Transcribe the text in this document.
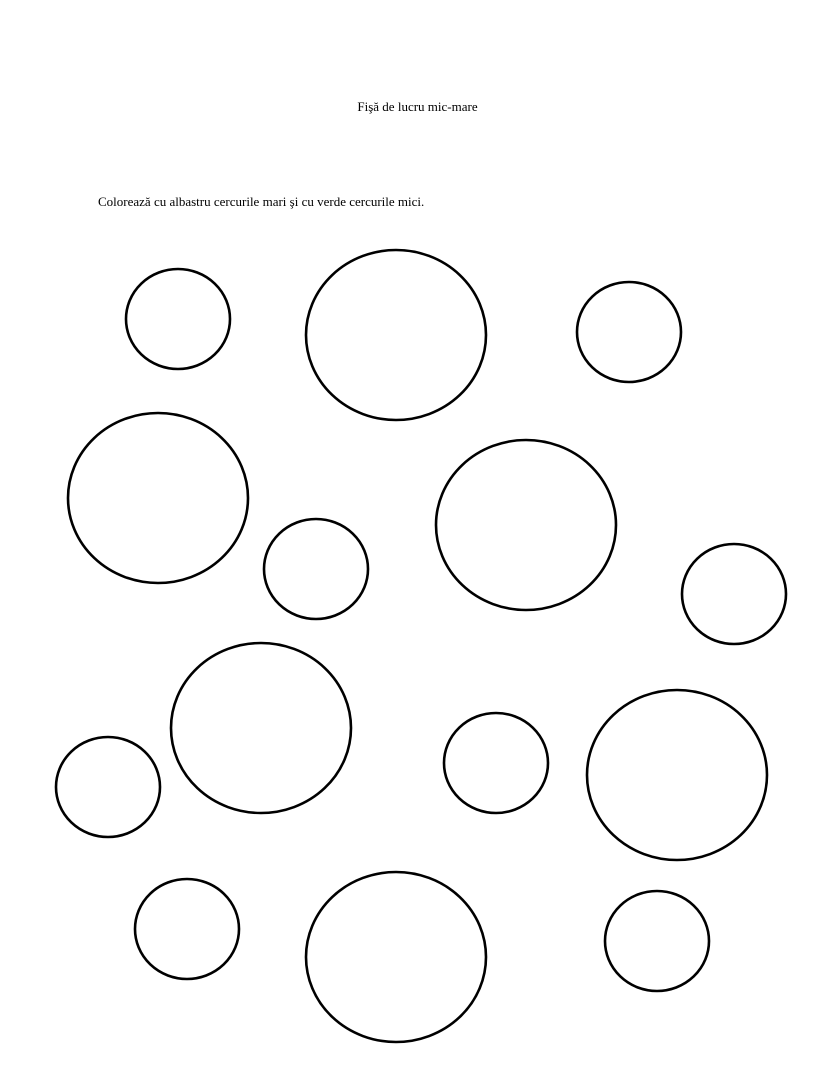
Fişă de lucru mic-mare
Colorează cu albastru cercurile mari şi cu verde cercurile mici.
